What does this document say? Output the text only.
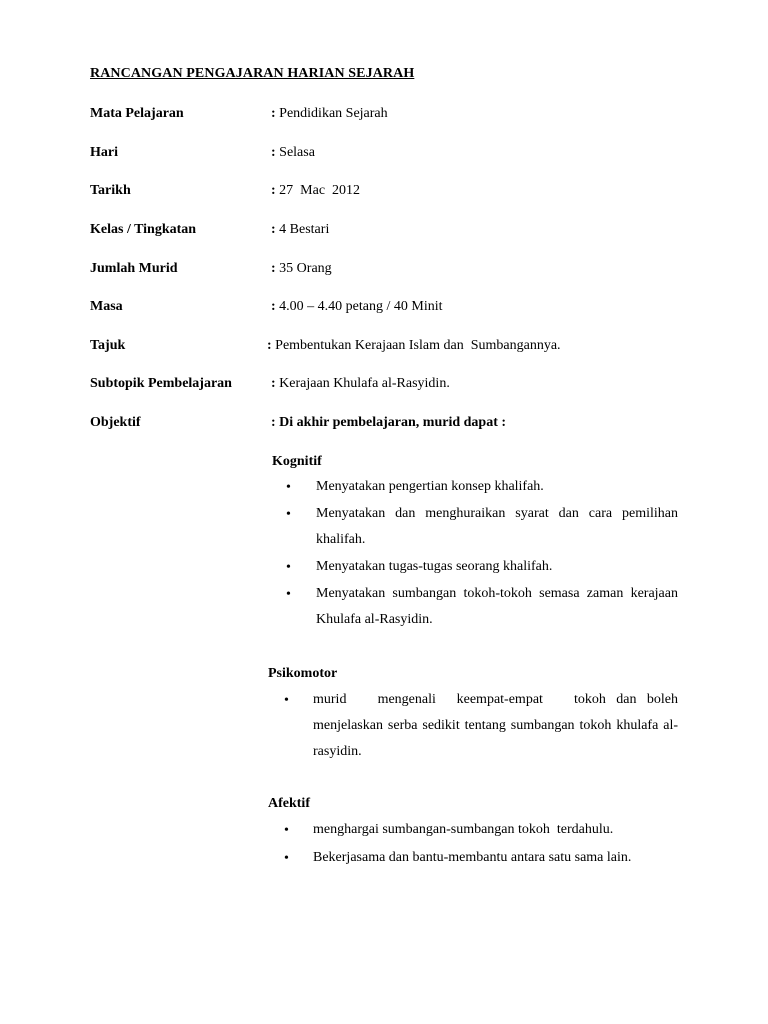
RANCANGAN PENGAJARAN HARIAN SEJARAH
Mata Pelajaran	: Pendidikan Sejarah
Hari	: Selasa
Tarikh	: 27  Mac  2012
Kelas / Tingkatan	: 4 Bestari
Jumlah Murid	: 35 Orang
Masa	: 4.00 – 4.40 petang / 40 Minit
Tajuk	: Pembentukan Kerajaan Islam dan  Sumbangannya.
Subtopik Pembelajaran	: Kerajaan Khulafa al-Rasyidin.
Objektif	: Di akhir pembelajaran, murid dapat :
Kognitif
• Menyatakan pengertian konsep khalifah.
• Menyatakan dan menghuraikan syarat dan cara pemilihan khalifah.
• Menyatakan tugas-tugas seorang khalifah.
• Menyatakan sumbangan tokoh-tokoh semasa zaman kerajaan Khulafa al-Rasyidin.
Psikomotor
• murid   mengenali  keempat-empat   tokoh dan boleh menjelaskan serba sedikit tentang sumbangan tokoh khulafa al-rasyidin.
Afektif
• menghargai sumbangan-sumbangan tokoh  terdahulu.
• Bekerjasama dan bantu-membantu antara satu sama lain.
